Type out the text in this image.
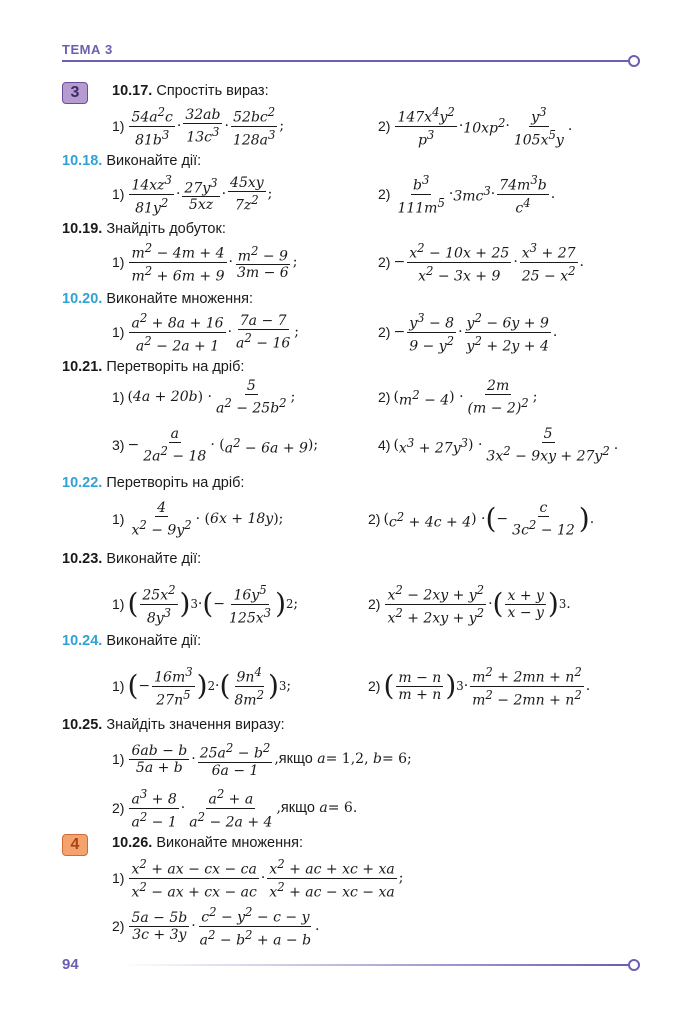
ТЕМА 3
3	10.17. Спростіть вираз:
$1) \frac{54a^2c}{81b^3} \cdot \frac{32ab}{13c^3} \cdot \frac{52bc^2}{128a^3}$ ;	$2) \frac{147x^4y^2}{p^3} \cdot 10xp^2 \cdot \frac{y^3}{105x^5y}$ .
10.18. Виконайте дії:
$1) \frac{14xz^3}{81y^2} \cdot \frac{27y^3}{5xz} \cdot \frac{45xy}{7z^2}$ ;	$2) \frac{b^3}{111m^5} \cdot 3mc^3 \cdot \frac{74m^3b}{c^4}$ .
10.19. Знайдіть добуток:
$1) \frac{m^2 - 4m + 4}{m^2 + 6m + 9} \cdot \frac{m^2 - 9}{3m - 6}$ ;	$2) - \frac{x^2 - 10x + 25}{x^2 - 3x + 9} \cdot \frac{x^3 + 27}{25 - x^2}$ .
10.20. Виконайте множення:
$1) \frac{a^2 + 8a + 16}{a^2 - 2a + 1} \cdot \frac{7a - 7}{a^2 - 16}$ ;	$2) - \frac{y^3 - 8}{9 - y^2} \cdot \frac{y^2 - 6y + 9}{y^2 + 2y + 4}$ .
10.21. Перетворіть на дріб:
1) ( 4a + 20b ) · $\frac{5}{a^2 - 25b^2}$ ;	2) ( $m^2 - 4$ ) · $\frac{2m}{(m - 2)^2}$ ;
$3) - \frac{a}{2a^2 - 18}$ · ( $a^2 - 6a + 9$ );	4) ( $x^3 + 27y^3$ ) · $\frac{5}{3x^2 - 9xy + 27y^2}$ .
10.22. Перетворіть на дріб:
$1) \frac{4}{x^2 - 9y^2}$ · ( 6x + 18y );	2) ( $c^2 + 4c + 4$ ) · ( − $\frac{c}{3c^2 - 12}$ ) .
10.23. Виконайте дії:
1) ( $\frac{25x^2}{8y^3}$ ) 3 · ( − $\frac{16y^5}{125x^3}$ ) 2 ;	$2) \frac{x^2 - 2xy + y^2}{x^2 + 2xy + y^2}$ · ( $\frac{x + y}{x - y}$ ) 3 .
10.24. Виконайте дії:
1) ( − $\frac{16m^3}{27n^5}$ ) 2 · ( $\frac{9n^4}{8m^2}$ ) 3 ;	2) ( $\frac{m - n}{m + n}$ ) $3 \cdot \frac{m^2 + 2mn + n^2}{m^2 - 2mn + n^2}$ .
10.25. Знайдіть значення виразу:
$1) \frac{6ab - b}{5a + b} \cdot \frac{25a^2 - b^2}{6a - 1}$ , якщо
a = 1,2, b = 6;
$2) \frac{a^3 + 8}{a^2 - 1} \cdot \frac{a^2 + a}{a^2 - 2a + 4}$ , якщо
a = 6.
4	10.26. Виконайте множення:
$1) \frac{x^2 + ax - cx - ca}{x^2 - ax + cx - ac} \cdot \frac{x^2 + ac + xc + xa}{x^2 + ac - xc - xa}$ ;
$2) \frac{5a - 5b}{3c + 3y} \cdot \frac{c^2 - y^2 - c - y}{a^2 - b^2 + a - b}$ .
94
